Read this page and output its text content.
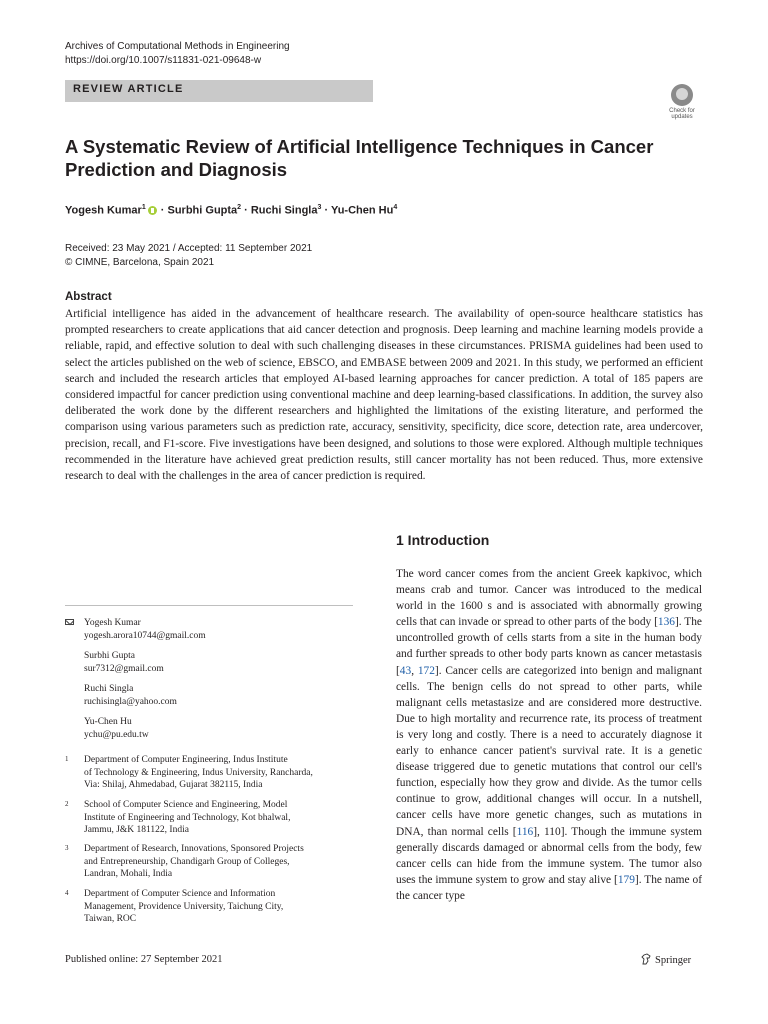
Archives of Computational Methods in Engineering
https://doi.org/10.1007/s11831-021-09648-w
REVIEW ARTICLE
Check for updates
A Systematic Review of Artificial Intelligence Techniques in Cancer
Prediction and Diagnosis
Yogesh Kumar$^1$ · Surbhi Gupta$^2$ · Ruchi Singla$^3$ · Yu-Chen Hu$^4$
Received: 23 May 2021 / Accepted: 11 September 2021
© CIMNE, Barcelona, Spain 2021
Abstract
Artificial intelligence has aided in the advancement of healthcare research. The availability of open-source healthcare statistics has prompted researchers to create applications that aid cancer detection and prognosis. Deep learning and machine learning models provide a reliable, rapid, and effective solution to deal with such challenging diseases in these circumstances. PRISMA guidelines had been used to select the articles published on the web of science, EBSCO, and EMBASE between 2009 and 2021. In this study, we performed an efficient search and included the research articles that employed AI-based learning approaches for cancer prediction. A total of 185 papers are considered impactful for cancer prediction using conventional machine and deep learning-based classifications. In addition, the survey also deliberated the work done by the different researchers and highlighted the limitations of the existing literature, and performed the comparison using various parameters such as prediction rate, accuracy, sensitivity, specificity, dice score, detection rate, area undercover, precision, recall, and F1-score. Five investigations have been designed, and solutions to those were explored. Although multiple techniques recommended in the literature have achieved great prediction results, still cancer mortality has not been reduced. Thus, more extensive research to deal with the challenges in the area of cancer prediction is required.
Yogesh Kumar
yogesh.arora10744@gmail.com
Surbhi Gupta
sur7312@gmail.com
Ruchi Singla
ruchisingla@yahoo.com
Yu-Chen Hu
ychu@pu.edu.tw
1 Department of Computer Engineering, Indus Institute
of Technology & Engineering, Indus University, Rancharda,
Via: Shilaj, Ahmedabad, Gujarat 382115, India
2 School of Computer Science and Engineering, Model
Institute of Engineering and Technology, Kot bhalwal,
Jammu, J&K 181122, India
3 Department of Research, Innovations, Sponsored Projects
and Entrepreneurship, Chandigarh Group of Colleges,
Landran, Mohali, India
4 Department of Computer Science and Information
Management, Providence University, Taichung City,
Taiwan, ROC
1 Introduction
The word cancer comes from the ancient Greek kapkivoc, which means crab and tumor. Cancer was introduced to the medical world in the 1600 s and is associated with abnormally growing cells that can invade or spread to other parts of the body [136]. The uncontrolled growth of cells starts from a site in the human body and further spreads to other body parts known as cancer metastasis [43, 172]. Cancer cells are categorized into benign and malignant cells. The benign cells do not spread to other parts, while malignant cells metastasize and are considered more destructive. Due to high mortality and recurrence rate, its process of treatment is very long and costly. There is a need to accurately diagnose it early to enhance cancer patient's survival rate. It is a genetic disease triggered due to genetic mutations that control our cell's function, especially how they grow and divide. As the tumor cells continue to grow, additional changes will occur. In a nutshell, cancer cells have more genetic changes, such as mutations in DNA, than normal cells [116], 110]. Though the immune system generally discards damaged or abnormal cells from the body, few cancer cells can hide from the immune system. The tumor also uses the immune system to grow and stay alive [179]. The name of the cancer type
Published online: 27 September 2021	Springer
